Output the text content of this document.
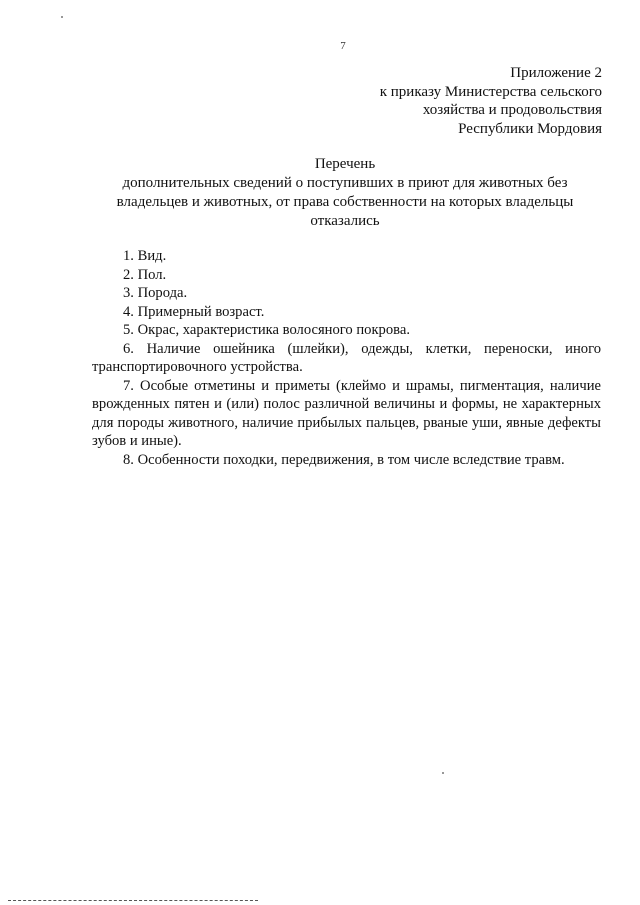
7
Приложение 2
к приказу Министерства сельского
хозяйства и продовольствия
Республики Мордовия
Перечень
дополнительных сведений о поступивших в приют для животных без
владельцев и животных, от права собственности на которых владельцы
отказались

1. Вид.

2. Пол.

3. Порода.

4. Примерный возраст.

5. Окрас, характеристика волосяного покрова.

6. Наличие ошейника (шлейки), одежды, клетки, переноски, иного транспортировочного устройства.

7. Особые отметины и приметы (клеймо и шрамы, пигментация, наличие врожденных пятен и (или) полос различной величины и формы, не характерных для породы животного, наличие прибылых пальцев, рваные уши, явные дефекты зубов и иные).

8. Особенности походки, передвижения, в том числе вследствие травм.
